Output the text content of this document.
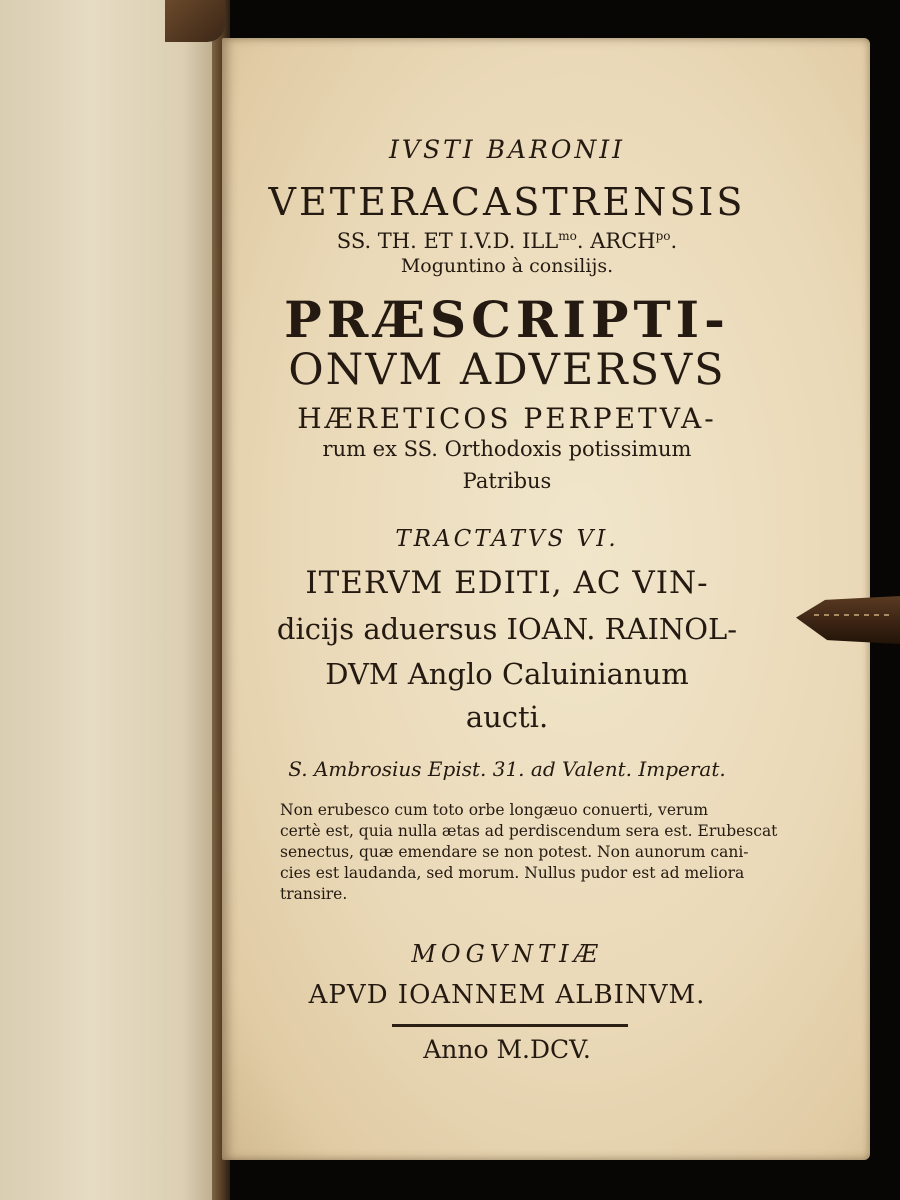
IVSTI BARONII
VETERACASTRENSIS
SS. TH. ET I.V.D. $ILL^{mo}$. $ARCH^{po}$.
Moguntino à consilijs.
PRÆSCRIPTI-
ONVM ADVERSVS
HÆRETICOS PERPETVA-
rum ex SS. Orthodoxis potissimum
Patribus
TRACTATVS VI.
ITERVM EDITI, AC VIN-
dicijs aduersus IOAN. RAINOL-
DVM Anglo Caluinianum
aucti.
S. Ambrosius Epist. 31. ad Valent. Imperat.
Non erubesco cum toto orbe longæuo conuerti, verum
certè est, quia nulla ætas ad perdiscendum sera est. Erubescat
senectus, quæ emendare se non potest. Non aunorum cani-
cies est laudanda, sed morum. Nullus pudor est ad meliora
transire.
MOGVNTIÆ
APVD IOANNEM ALBINVM.
Anno M.DCV.
